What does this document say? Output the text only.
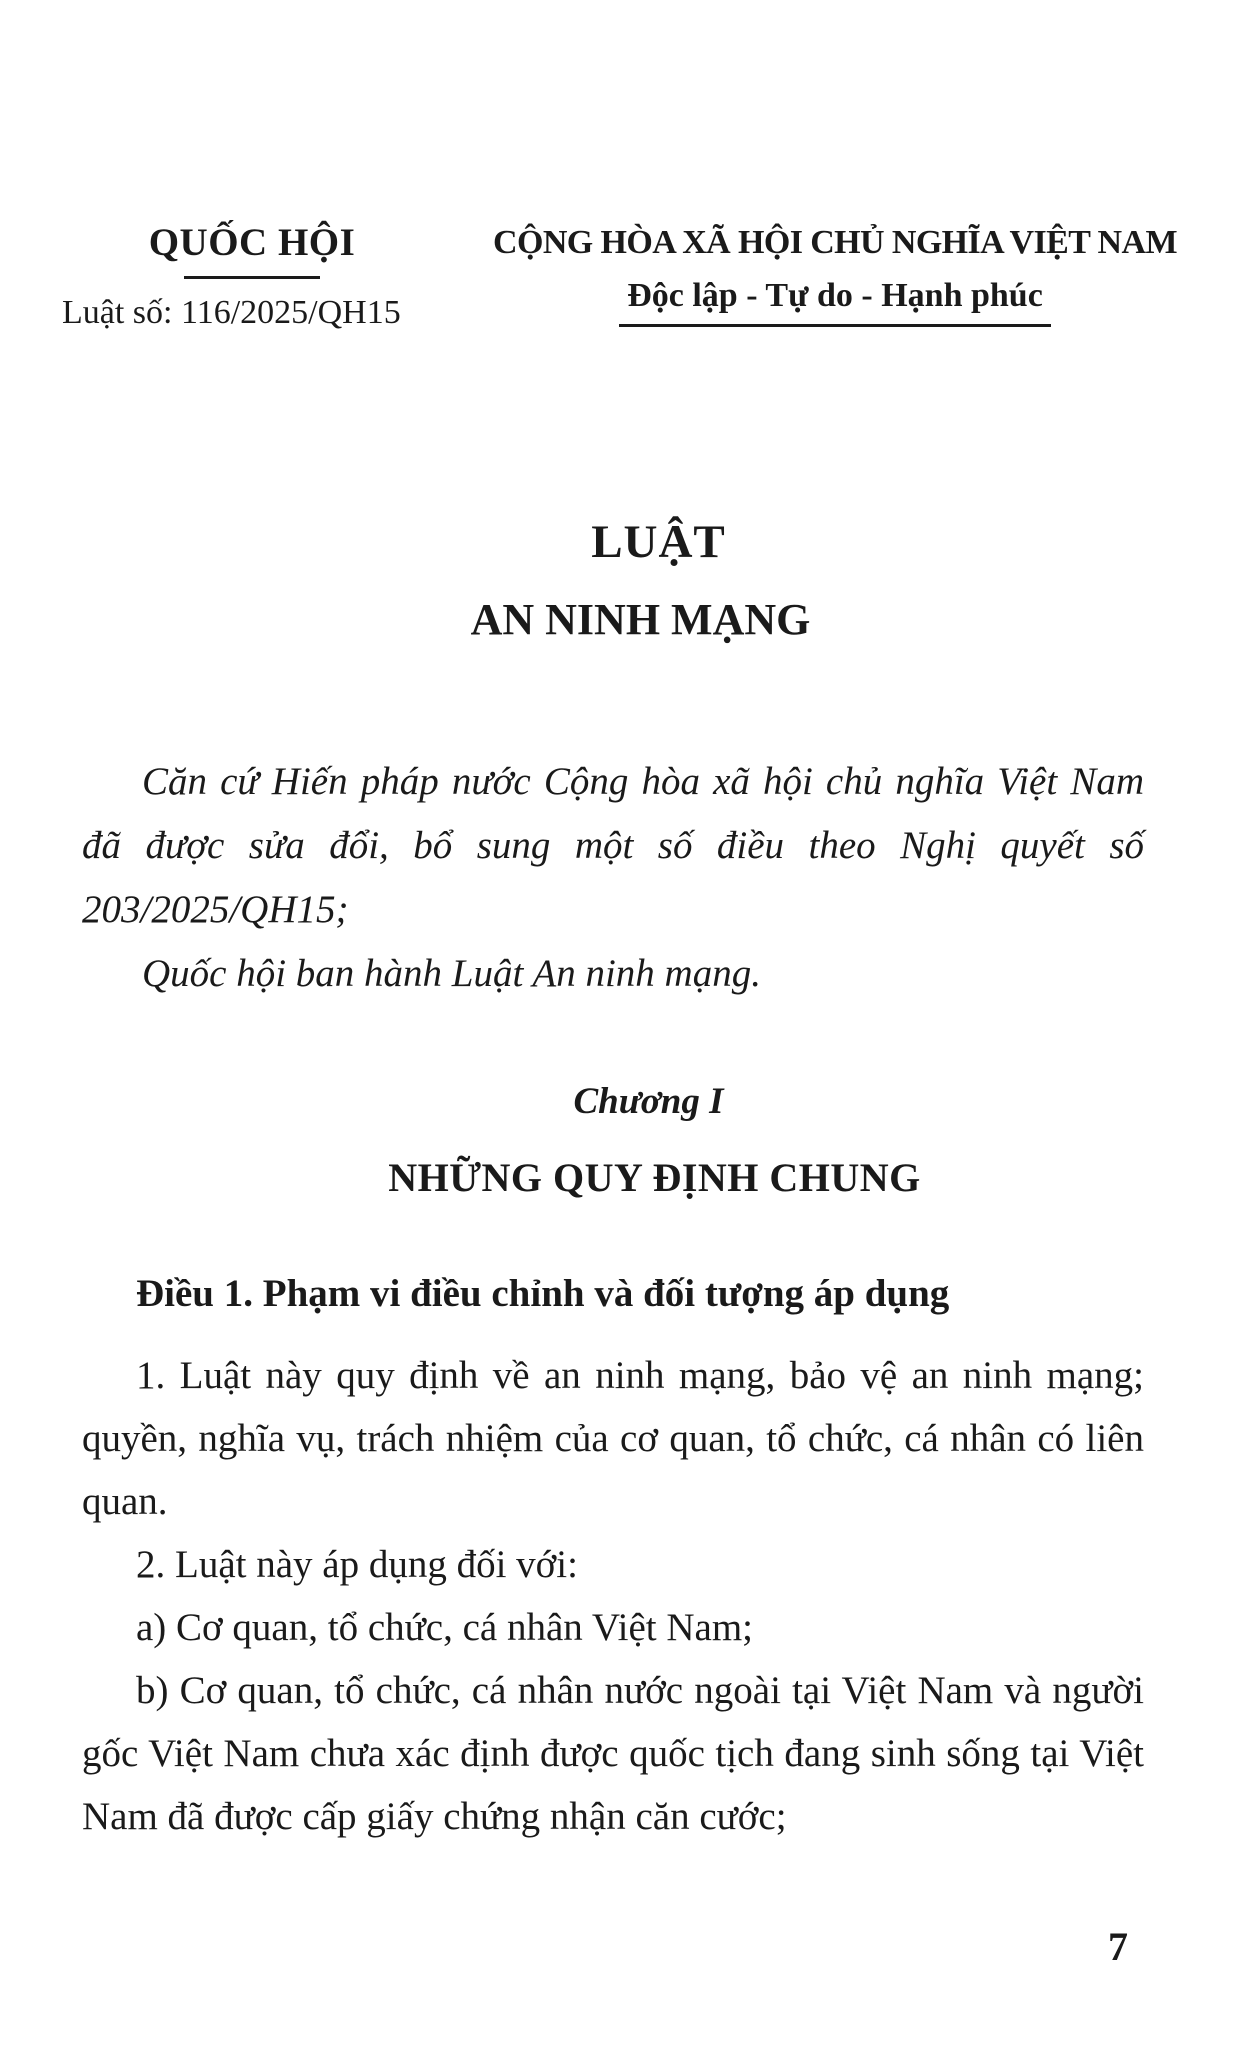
QUỐC HỘI
Luật số: 116/2025/QH15
CỘNG HÒA XÃ HỘI CHỦ NGHĨA VIỆT NAM
Độc lập - Tự do - Hạnh phúc
LUẬT
AN NINH MẠNG

Căn cứ Hiến pháp nước Cộng hòa xã hội chủ nghĩa Việt Nam đã được sửa đổi, bổ sung một số điều theo Nghị quyết số 203/2025/QH15;

Quốc hội ban hành Luật An ninh mạng.

Chương I
NHỮNG QUY ĐỊNH CHUNG
Điều 1. Phạm vi điều chỉnh và đối tượng áp dụng

1. Luật này quy định về an ninh mạng, bảo vệ an ninh mạng; quyền, nghĩa vụ, trách nhiệm của cơ quan, tổ chức, cá nhân có liên quan.

2. Luật này áp dụng đối với:

a) Cơ quan, tổ chức, cá nhân Việt Nam;

b) Cơ quan, tổ chức, cá nhân nước ngoài tại Việt Nam và người gốc Việt Nam chưa xác định được quốc tịch đang sinh sống tại Việt Nam đã được cấp giấy chứng nhận căn cước;

7
